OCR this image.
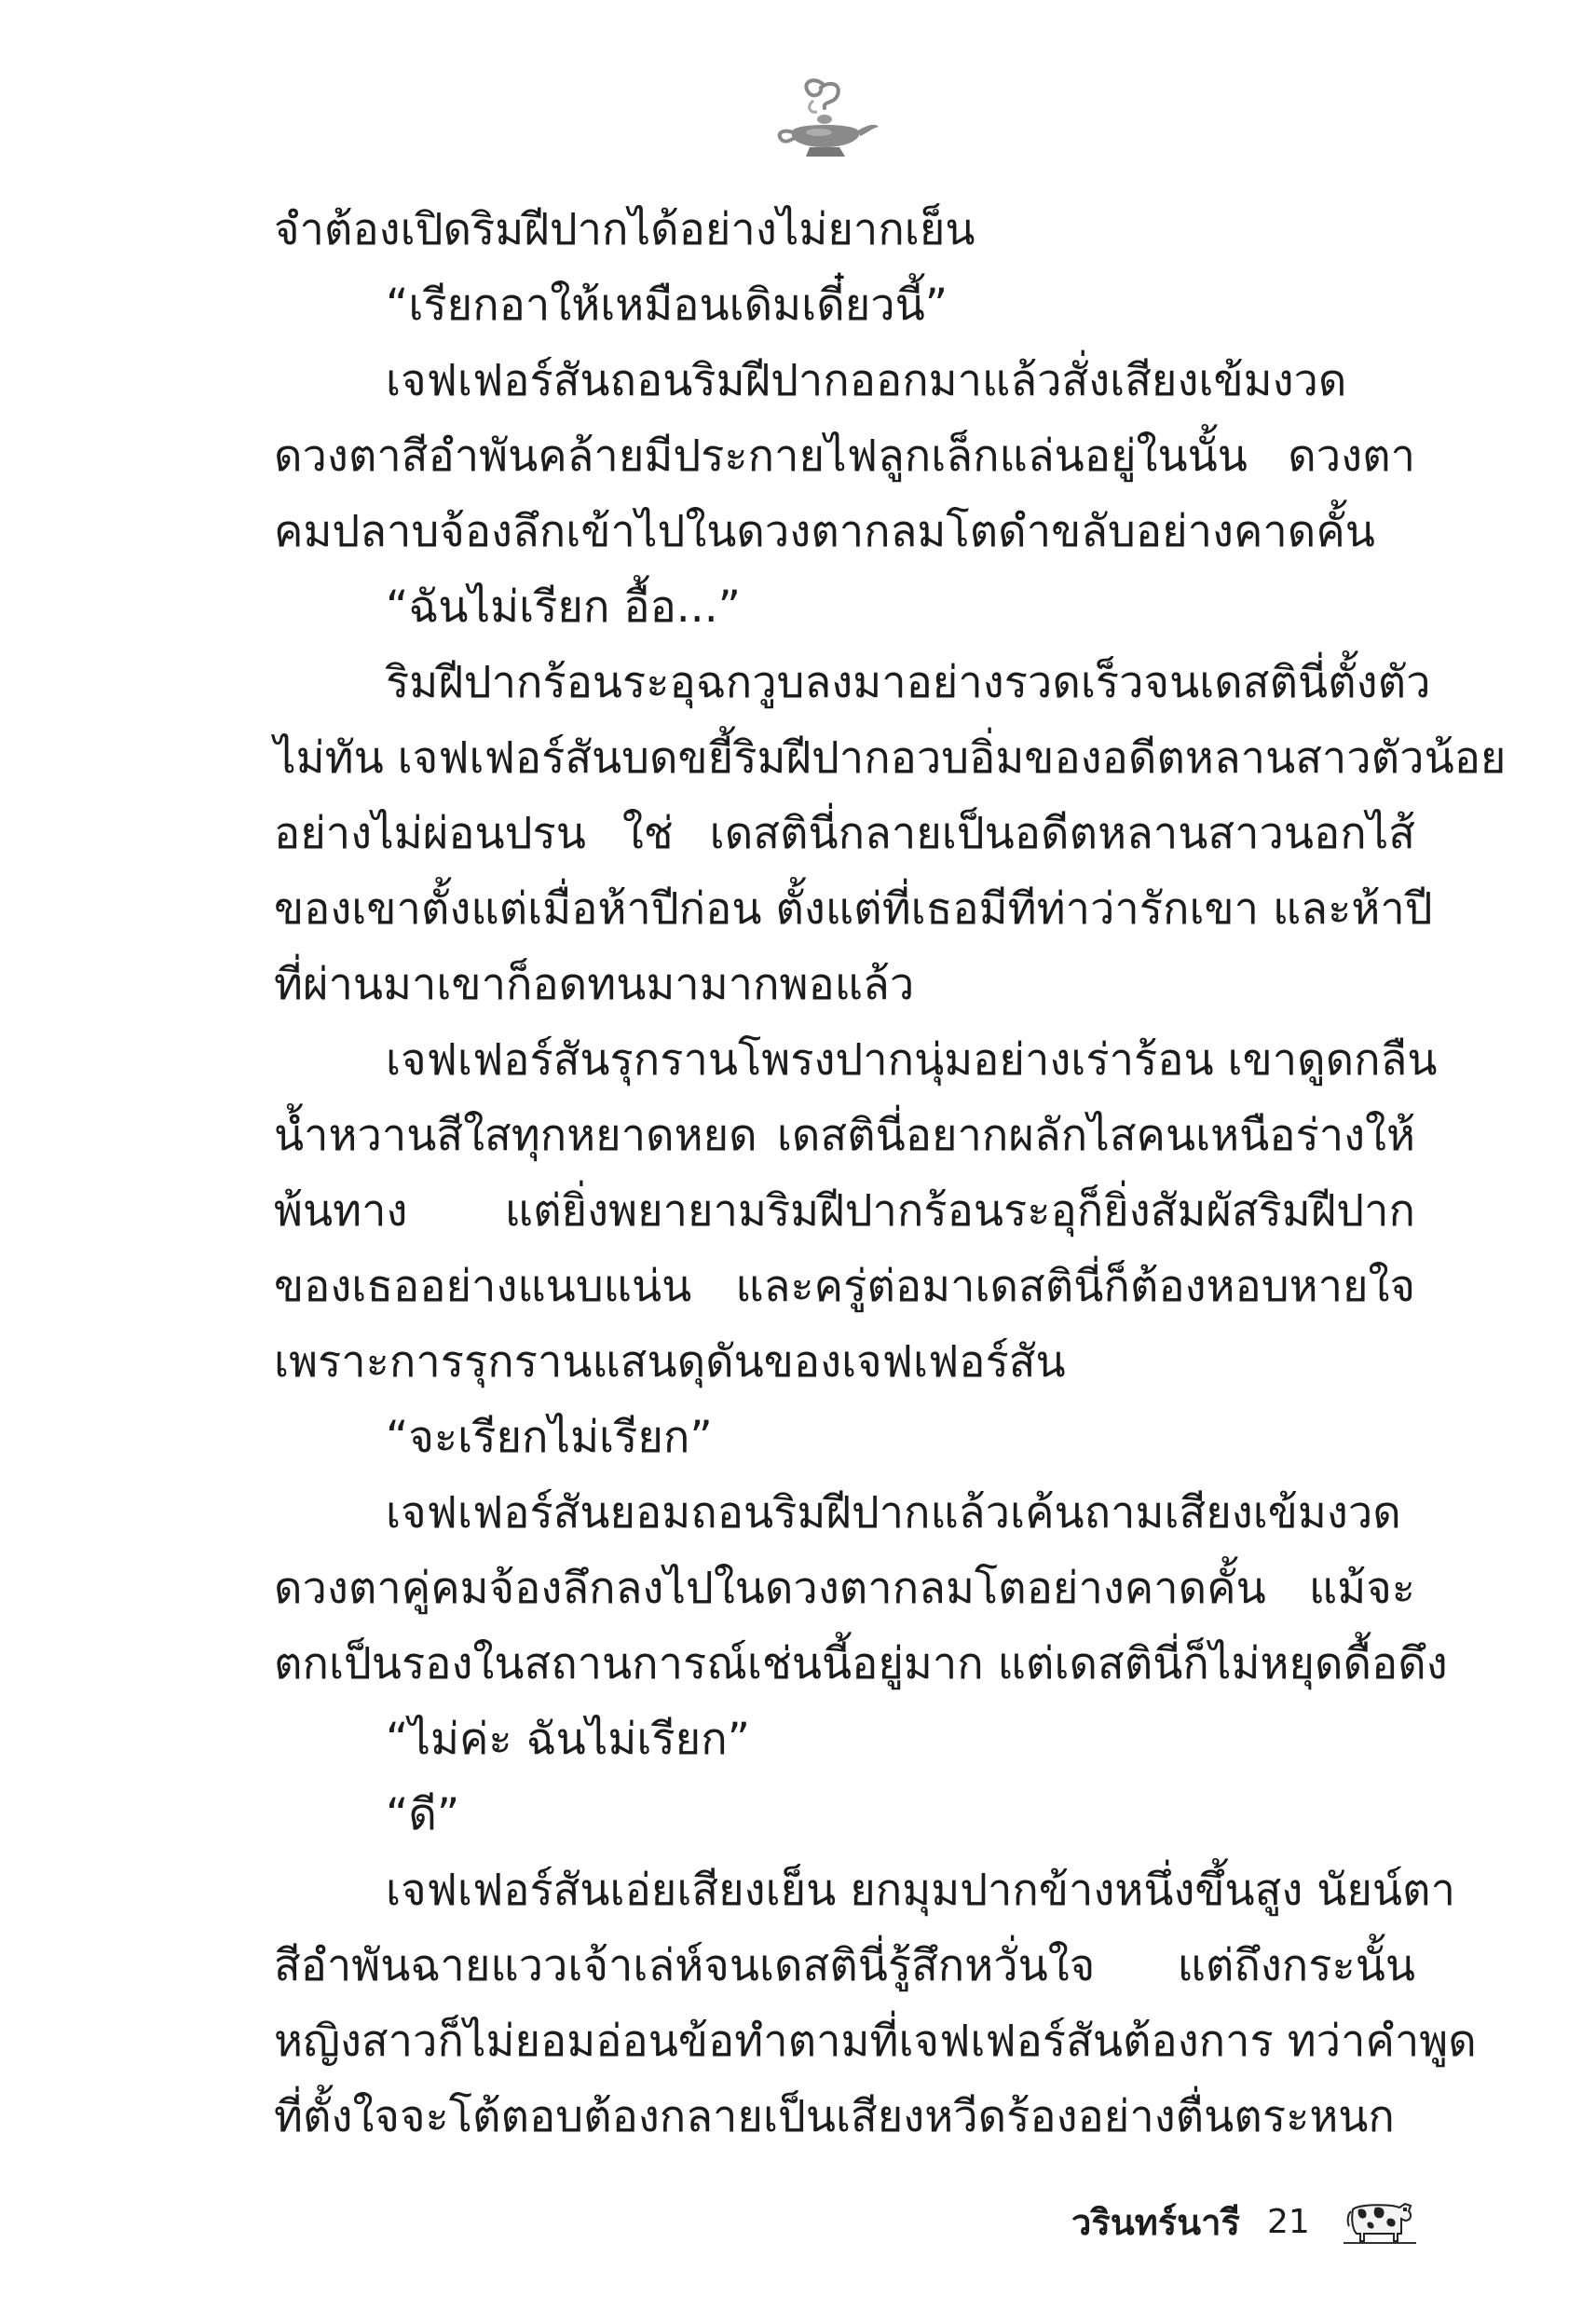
จำต้องเปิดริมฝีปากได้อย่างไม่ยากเย็น
“เรียกอาให้เหมือนเดิมเดี๋ยวนี้”
เจฟเฟอร์สันถอนริมฝีปากออกมาแล้วสั่งเสียงเข้มงวด
ดวงตาสีอำพันคล้ายมีประกายไฟลูกเล็กแล่นอยู่ในนั้น ดวงตา
คมปลาบจ้องลึกเข้าไปในดวงตากลมโตดำขลับอย่างคาดคั้น
“ฉันไม่เรียก อื้อ...”
ริมฝีปากร้อนระอุฉกวูบลงมาอย่างรวดเร็วจนเดสตินี่ตั้งตัว
ไม่ทัน เจฟเฟอร์สันบดขยี้ริมฝีปากอวบอิ่มของอดีตหลานสาวตัวน้อย
อย่างไม่ผ่อนปรน ใช่ เดสตินี่กลายเป็นอดีตหลานสาวนอกไส้
ของเขาตั้งแต่เมื่อห้าปีก่อน ตั้งแต่ที่เธอมีทีท่าว่ารักเขา และห้าปี
ที่ผ่านมาเขาก็อดทนมามากพอแล้ว
เจฟเฟอร์สันรุกรานโพรงปากนุ่มอย่างเร่าร้อน เขาดูดกลืน
น้ำหวานสีใสทุกหยาดหยด เดสตินี่อยากผลักไสคนเหนือร่างให้
พ้นทาง แต่ยิ่งพยายามริมฝีปากร้อนระอุก็ยิ่งสัมผัสริมฝีปาก
ของเธออย่างแนบแน่น และครู่ต่อมาเดสตินี่ก็ต้องหอบหายใจ
เพราะการรุกรานแสนดุดันของเจฟเฟอร์สัน
“จะเรียกไม่เรียก”
เจฟเฟอร์สันยอมถอนริมฝีปากแล้วเค้นถามเสียงเข้มงวด
ดวงตาคู่คมจ้องลึกลงไปในดวงตากลมโตอย่างคาดคั้น แม้จะ
ตกเป็นรองในสถานการณ์เช่นนี้อยู่มาก แต่เดสตินี่ก็ไม่หยุดดื้อดึง
“ไม่ค่ะ ฉันไม่เรียก”
“ดี”
เจฟเฟอร์สันเอ่ยเสียงเย็น ยกมุมปากข้างหนึ่งขึ้นสูง นัยน์ตา
สีอำพันฉายแววเจ้าเล่ห์จนเดสตินี่รู้สึกหวั่นใจ แต่ถึงกระนั้น
หญิงสาวก็ไม่ยอมอ่อนข้อทำตามที่เจฟเฟอร์สันต้องการ ทว่าคำพูด
ที่ตั้งใจจะโต้ตอบต้องกลายเป็นเสียงหวีดร้องอย่างตื่นตระหนก
วรินทร์นารี 21
